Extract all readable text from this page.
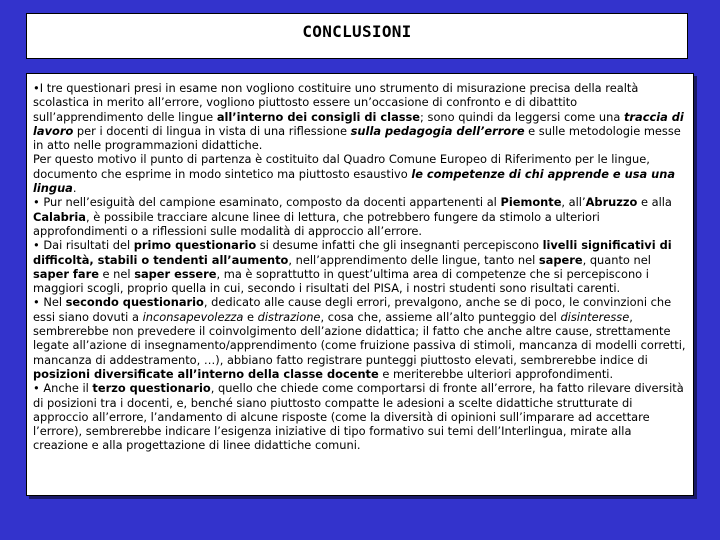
CONCLUSIONI

•I tre questionari presi in esame non vogliono costituire uno strumento di misurazione precisa della realtà scolastica in merito all’errore, vogliono piuttosto essere un’occasione di confronto e di dibattito sull’apprendimento delle lingue all’interno dei consigli di classe; sono quindi da leggersi come una traccia di lavoro per i docenti di lingua in vista di una riflessione sulla pedagogia dell’errore e sulle metodologie messe in atto nelle programmazioni didattiche.

Per questo motivo il punto di partenza è costituito dal Quadro Comune Europeo di Riferimento per le lingue, documento che esprime in modo sintetico ma piuttosto esaustivo le competenze di chi apprende e usa una lingua.

• Pur nell’esiguità del campione esaminato, composto da docenti appartenenti al Piemonte, all’Abruzzo e alla Calabria, è possibile tracciare alcune linee di lettura, che potrebbero fungere da stimolo a ulteriori approfondimenti o a riflessioni sulle modalità di approccio all’errore.

• Dai risultati del primo questionario si desume infatti che gli insegnanti percepiscono livelli significativi di difficoltà, stabili o tendenti all’aumento, nell’apprendimento delle lingue, tanto nel sapere, quanto nel saper fare e nel saper essere, ma è soprattutto in quest’ultima area di competenze che si percepiscono i maggiori scogli, proprio quella in cui, secondo i risultati del PISA, i nostri studenti sono risultati carenti.

• Nel secondo questionario, dedicato alle cause degli errori, prevalgono, anche se di poco, le convinzioni che essi siano dovuti a inconsapevolezza e distrazione, cosa che, assieme all’alto punteggio del disinteresse, sembrerebbe non prevedere il coinvolgimento dell’azione didattica; il fatto che anche altre cause, strettamente legate all’azione di insegnamento/apprendimento (come fruizione passiva di stimoli, mancanza di modelli corretti, mancanza di addestramento, …), abbiano fatto registrare punteggi piuttosto elevati, sembrerebbe indice di posizioni diversificate all’interno della classe docente e meriterebbe ulteriori approfondimenti.

• Anche il terzo questionario, quello che chiede come comportarsi di fronte all’errore, ha fatto rilevare diversità di posizioni tra i docenti, e, benché siano piuttosto compatte le adesioni a scelte didattiche strutturate di approccio all’errore, l’andamento di alcune risposte (come la diversità di opinioni sull’imparare ad accettare l’errore), sembrerebbe indicare l’esigenza iniziative di tipo formativo sui temi dell’Interlingua, mirate alla creazione e alla progettazione di linee didattiche comuni.
